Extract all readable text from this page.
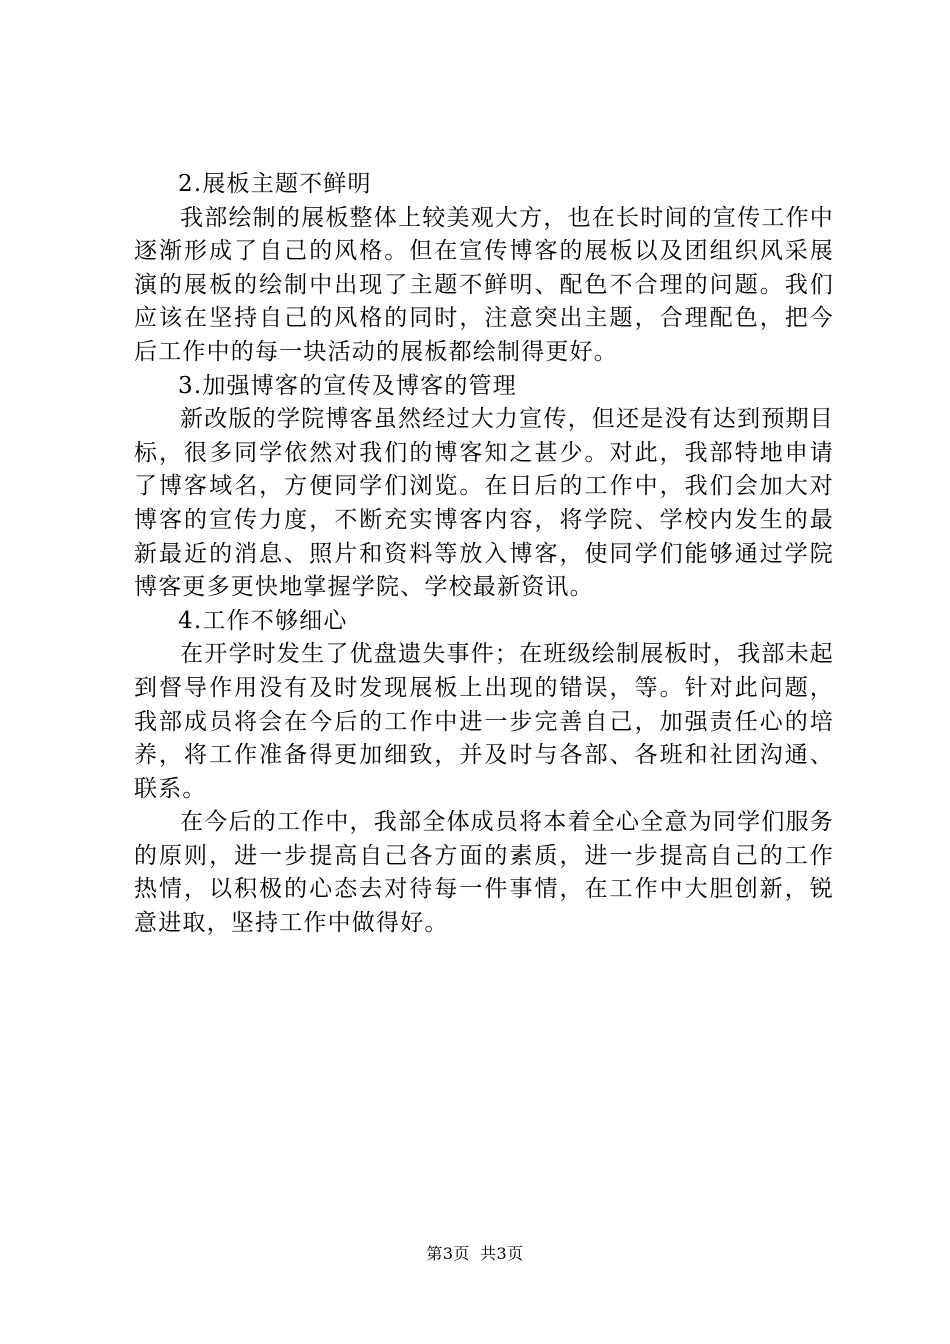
2.展板主题不鲜明

我部绘制的展板整体上较美观大方，也在长时间的宣传工作中逐渐形成了自己的风格。但在宣传博客的展板以及团组织风采展演的展板的绘制中出现了主题不鲜明、配色不合理的问题。我们应该在坚持自己的风格的同时，注意突出主题，合理配色，把今后工作中的每一块活动的展板都绘制得更好。

3.加强博客的宣传及博客的管理

新改版的学院博客虽然经过大力宣传，但还是没有达到预期目标，很多同学依然对我们的博客知之甚少。对此，我部特地申请了博客域名，方便同学们浏览。在日后的工作中，我们会加大对博客的宣传力度，不断充实博客内容，将学院、学校内发生的最新最近的消息、照片和资料等放入博客，使同学们能够通过学院博客更多更快地掌握学院、学校最新资讯。

4.工作不够细心

在开学时发生了优盘遗失事件；在班级绘制展板时，我部未起到督导作用没有及时发现展板上出现的错误，等。针对此问题，我部成员将会在今后的工作中进一步完善自己，加强责任心的培养，将工作准备得更加细致，并及时与各部、各班和社团沟通、联系。

在今后的工作中，我部全体成员将本着全心全意为同学们服务的原则，进一步提高自己各方面的素质，进一步提高自己的工作热情，以积极的心态去对待每一件事情，在工作中大胆创新，锐意进取，坚持工作中做得好。

第3页 共3页
